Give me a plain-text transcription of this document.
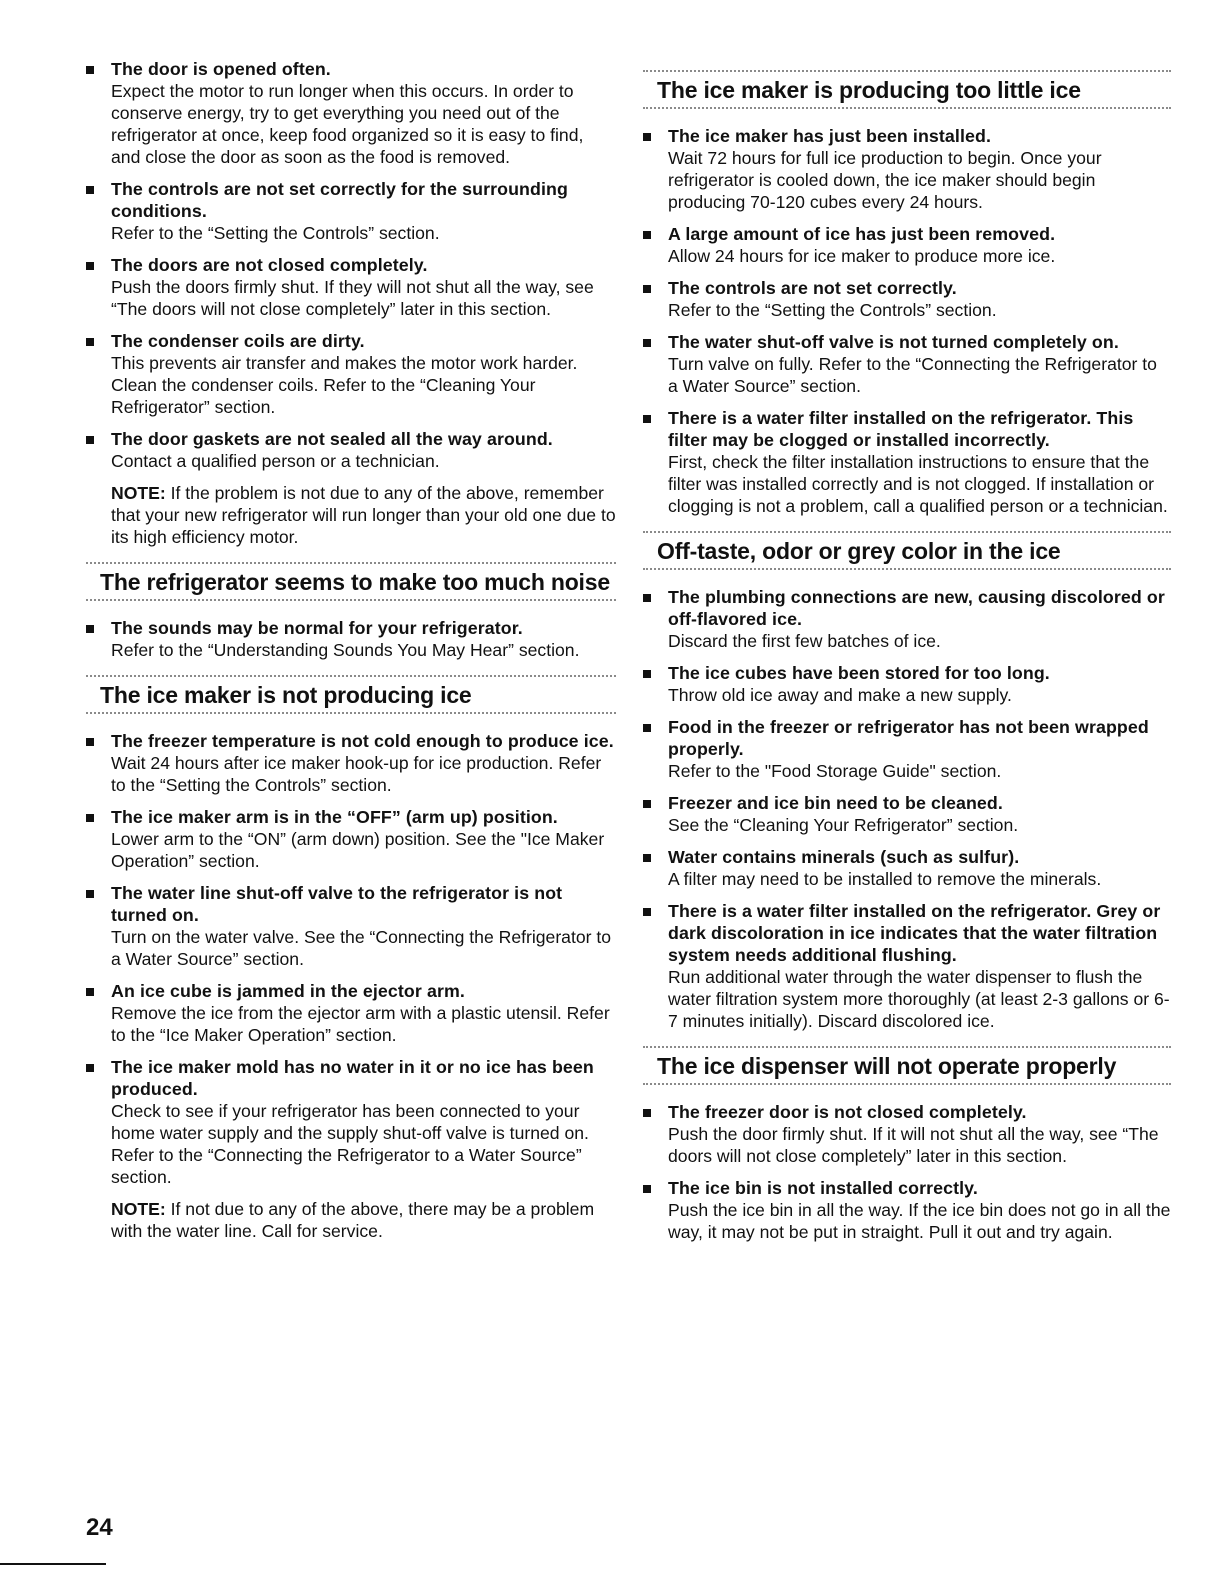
The door is opened often.
Expect the motor to run longer when this occurs. In order to conserve energy, try to get everything you need out of the refrigerator at once, keep food organized so it is easy to find, and close the door as soon as the food is removed.
The controls are not set correctly for the surrounding conditions.
Refer to the “Setting the Controls” section.
The doors are not closed completely.
Push the doors firmly shut. If they will not shut all the way, see “The doors will not close completely” later in this section.
The condenser coils are dirty.
This prevents air transfer and makes the motor work harder. Clean the condenser coils. Refer to the “Cleaning Your Refrigerator” section.
The door gaskets are not sealed all the way around.
Contact a qualified person or a technician.
NOTE: If the problem is not due to any of the above, remember that your new refrigerator will run longer than your old one due to its high efficiency motor.
The refrigerator seems to make too much noise
The sounds may be normal for your refrigerator.
Refer to the “Understanding Sounds You May Hear” section.
The ice maker is not producing ice
The freezer temperature is not cold enough to produce ice.
Wait 24 hours after ice maker hook-up for ice production. Refer to the “Setting the Controls” section.
The ice maker arm is in the “OFF” (arm up) position.
Lower arm to the “ON” (arm down) position. See the "Ice Maker Operation” section.
The water line shut-off valve to the refrigerator is not turned on.
Turn on the water valve. See the “Connecting the Refrigerator to a Water Source” section.
An ice cube is jammed in the ejector arm.
Remove the ice from the ejector arm with a plastic utensil. Refer to the “Ice Maker Operation” section.
The ice maker mold has no water in it or no ice has been produced.
Check to see if your refrigerator has been connected to your home water supply and the supply shut-off valve is turned on. Refer to the “Connecting the Refrigerator to a Water Source” section.
NOTE: If not due to any of the above, there may be a problem with the water line. Call for service.
The ice maker is producing too little ice
The ice maker has just been installed.
Wait 72 hours for full ice production to begin. Once your refrigerator is cooled down, the ice maker should begin producing 70-120 cubes every 24 hours.
A large amount of ice has just been removed.
Allow 24 hours for ice maker to produce more ice.
The controls are not set correctly.
Refer to the “Setting the Controls” section.
The water shut-off valve is not turned completely on.
Turn valve on fully. Refer to the “Connecting the Refrigerator to a Water Source” section.
There is a water filter installed on the refrigerator. This filter may be clogged or installed incorrectly.
First, check the filter installation instructions to ensure that the filter was installed correctly and is not clogged. If installation or clogging is not a problem, call a qualified person or a technician.
Off-taste, odor or grey color in the ice
The plumbing connections are new, causing discolored or off-flavored ice.
Discard the first few batches of ice.
The ice cubes have been stored for too long.
Throw old ice away and make a new supply.
Food in the freezer or refrigerator has not been wrapped properly.
Refer to the "Food Storage Guide" section.
Freezer and ice bin need to be cleaned.
See the “Cleaning Your Refrigerator” section.
Water contains minerals (such as sulfur).
A filter may need to be installed to remove the minerals.
There is a water filter installed on the refrigerator. Grey or dark discoloration in ice indicates that the water filtration system needs additional flushing.
Run additional water through the water dispenser to flush the water filtration system more thoroughly (at least 2-3 gallons or 6-7 minutes initially). Discard discolored ice.
The ice dispenser will not operate properly
The freezer door is not closed completely.
Push the door firmly shut. If it will not shut all the way, see “The doors will not close completely” later in this section.
The ice bin is not installed correctly.
Push the ice bin in all the way. If the ice bin does not go in all the way, it may not be put in straight. Pull it out and try again.
24
